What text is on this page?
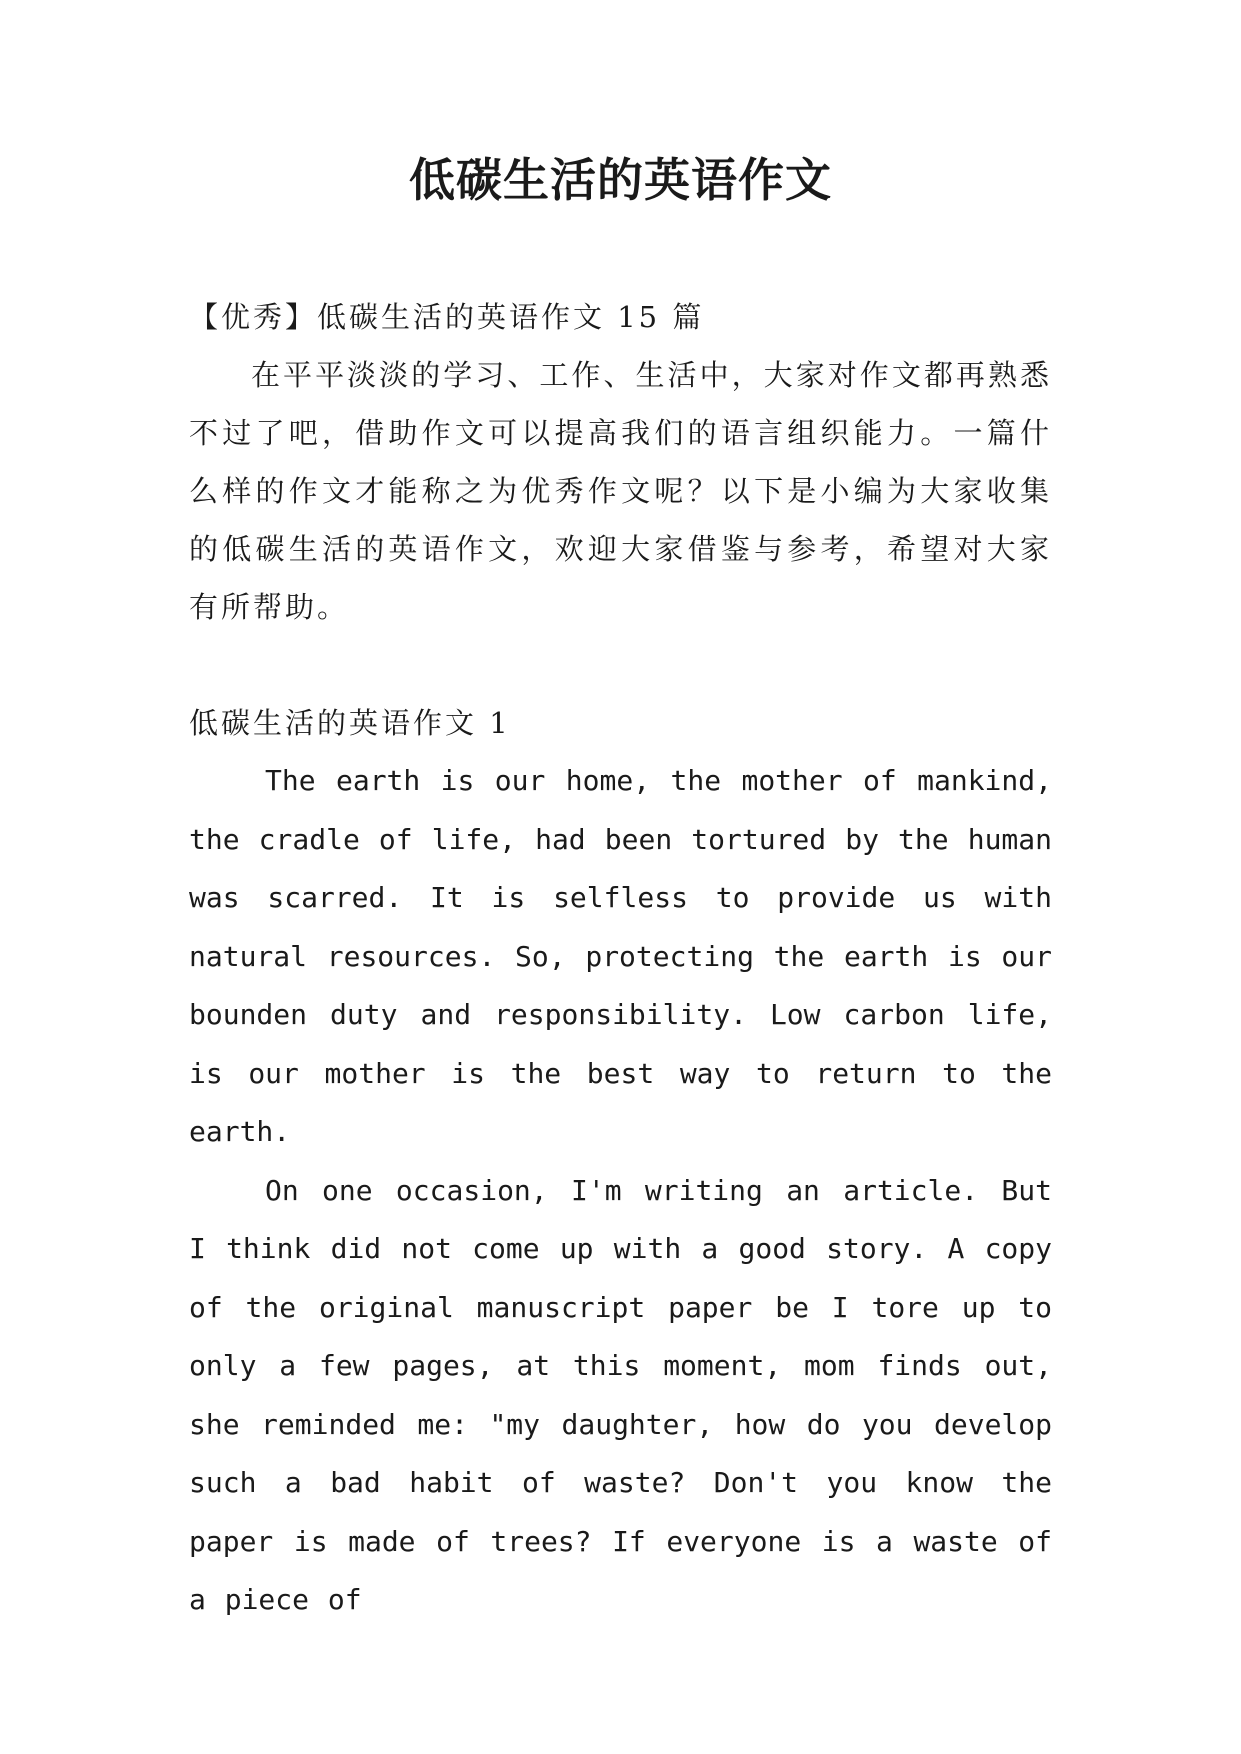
低碳生活的英语作文

【优秀】低碳生活的英语作文 15 篇

在平平淡淡的学习、工作、生活中，大家对作文都再熟悉不过了吧，借助作文可以提高我们的语言组织能力。一篇什么样的作文才能称之为优秀作文呢？以下是小编为大家收集的低碳生活的英语作文，欢迎大家借鉴与参考，希望对大家有所帮助。

低碳生活的英语作文 1

The earth is our home, the mother of mankind, the cradle of life, had been tortured by the human was scarred. It is selfless to provide us with natural resources. So, protecting the earth is our bounden duty and responsibility. Low carbon life, is our mother is the best way to return to the earth.

On one occasion, I'm writing an article. But I think did not come up with a good story. A copy of the original manuscript paper be I tore up to only a few pages, at this moment, mom finds out, she reminded me: "my daughter, how do you develop such a bad habit of waste? Don't you know the paper is made of trees? If everyone is a waste of a piece of
